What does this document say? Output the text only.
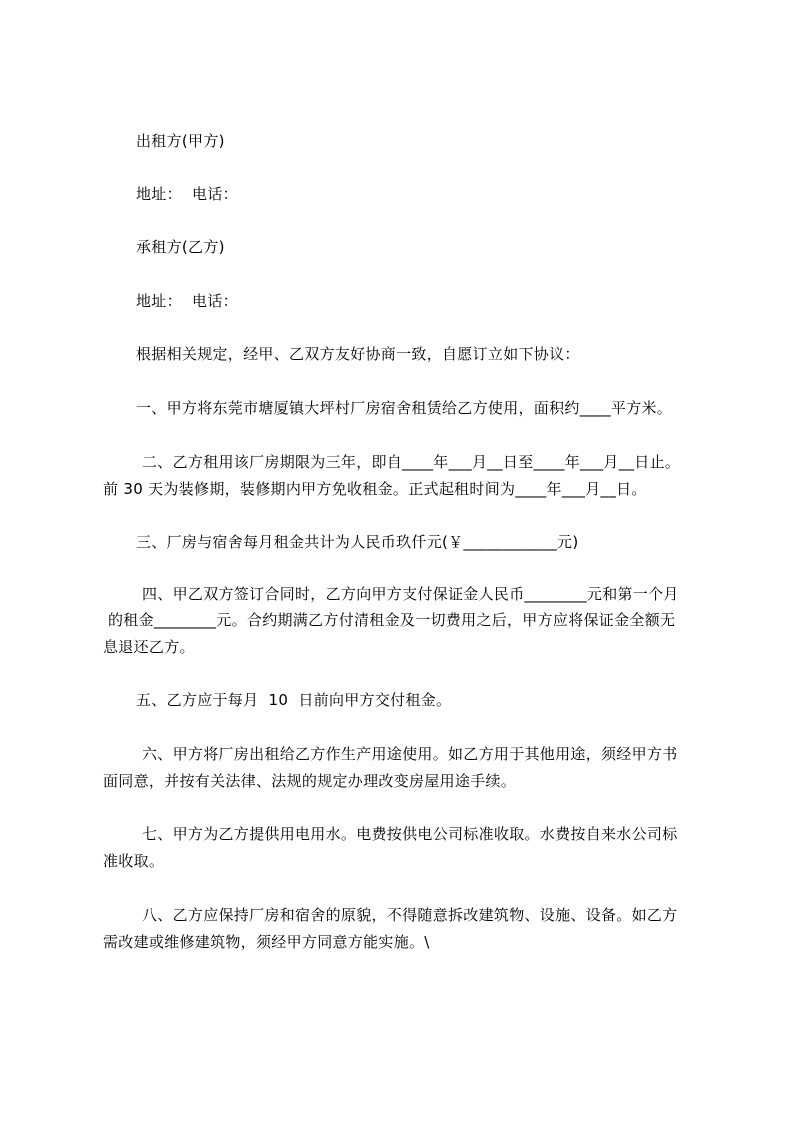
出租方(甲方)

地址：  电话：

承租方(乙方)

地址：  电话：

根据相关规定，经甲、乙双方友好协商一致，自愿订立如下协议：

一、甲方将东莞市塘厦镇大坪村厂房宿舍租赁给乙方使用，面积约____平方米。

二、乙方租用该厂房期限为三年，即自____年___月__日至____年___月__日止。

前 30 天为装修期，装修期内甲方免收租金。正式起租时间为____年___月__日。

三、厂房与宿舍每月租金共计为人民币玖仟元(￥____________元)

四、甲乙双方签订合同时，乙方向甲方支付保证金人民币________元和第一个月

的租金________元。合约期满乙方付清租金及一切费用之后，甲方应将保证金全额无

息退还乙方。

五、乙方应于每月  10  日前向甲方交付租金。

六、甲方将厂房出租给乙方作生产用途使用。如乙方用于其他用途，须经甲方书

面同意，并按有关法律、法规的规定办理改变房屋用途手续。

七、甲方为乙方提供用电用水。电费按供电公司标准收取。水费按自来水公司标

准收取。

八、乙方应保持厂房和宿舍的原貌，不得随意拆改建筑物、设施、设备。如乙方

需改建或维修建筑物，须经甲方同意方能实施。\
